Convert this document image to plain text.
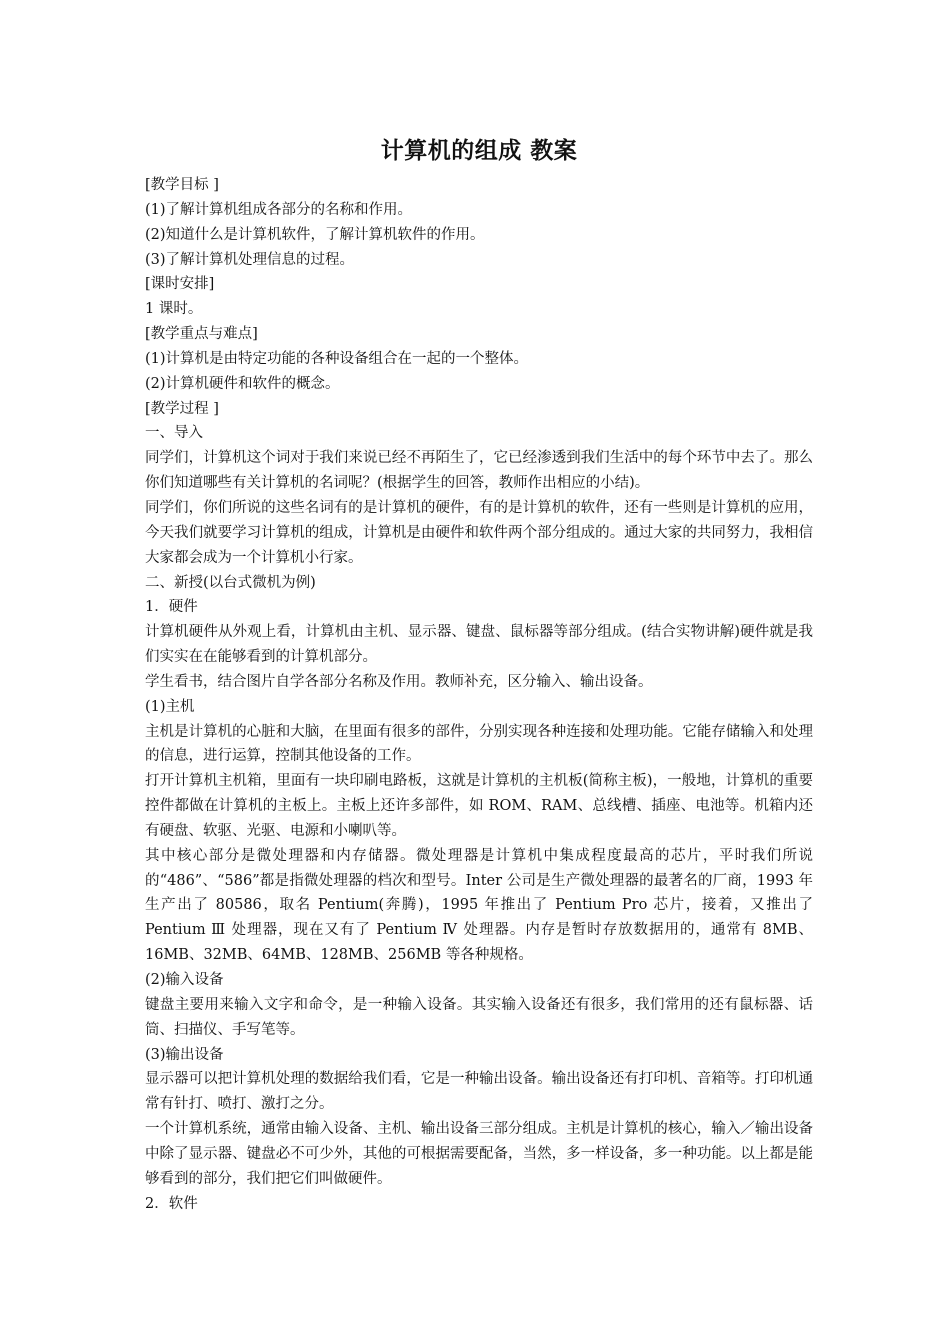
计算机的组成 教案
[教学目标 ]
(1)了解计算机组成各部分的名称和作用。
(2)知道什么是计算机软件，了解计算机软件的作用。
(3)了解计算机处理信息的过程。
[课时安排]
1 课时。
[教学重点与难点]
(1)计算机是由特定功能的各种设备组合在一起的一个整体。
(2)计算机硬件和软件的概念。
[教学过程 ]
一、导入

同学们，计算机这个词对于我们来说已经不再陌生了，它已经渗透到我们生活中的每个环节中去了。那么你们知道哪些有关计算机的名词呢？(根据学生的回答，教师作出相应的小结)。

同学们，你们所说的这些名词有的是计算机的硬件，有的是计算机的软件，还有一些则是计算机的应用，今天我们就要学习计算机的组成，计算机是由硬件和软件两个部分组成的。通过大家的共同努力，我相信大家都会成为一个计算机小行家。

二、新授(以台式微机为例)
1．硬件

计算机硬件从外观上看，计算机由主机、显示器、键盘、鼠标器等部分组成。(结合实物讲解)硬件就是我们实实在在能够看到的计算机部分。

学生看书，结合图片自学各部分名称及作用。教师补充，区分输入、输出设备。
(1)主机

主机是计算机的心脏和大脑，在里面有很多的部件，分别实现各种连接和处理功能。它能存储输入和处理的信息，进行运算，控制其他设备的工作。

打开计算机主机箱，里面有一块印刷电路板，这就是计算机的主机板(简称主板)，一般地，计算机的重要控件都做在计算机的主板上。主板上还许多部件，如 ROM、RAM、总线槽、插座、电池等。机箱内还有硬盘、软驱、光驱、电源和小喇叭等。

其中核心部分是微处理器和内存储器。微处理器是计算机中集成程度最高的芯片，平时我们所说的“486”、“586”都是指微处理器的档次和型号。Inter 公司是生产微处理器的最著名的厂商，1993 年生产出了 80586，取名 Pentium(奔腾)，1995 年推出了 Pentium Pro 芯片，接着，又推出了 Pentium Ⅲ 处理器，现在又有了 Pentium Ⅳ 处理器。内存是暂时存放数据用的，通常有 8MB、16MB、32MB、64MB、128MB、256MB 等各种规格。

(2)输入设备

键盘主要用来输入文字和命令，是一种输入设备。其实输入设备还有很多，我们常用的还有鼠标器、话筒、扫描仪、手写笔等。

(3)输出设备

显示器可以把计算机处理的数据给我们看，它是一种输出设备。输出设备还有打印机、音箱等。打印机通常有针打、喷打、激打之分。

一个计算机系统，通常由输入设备、主机、输出设备三部分组成。主机是计算机的核心，输入／输出设备中除了显示器、键盘必不可少外，其他的可根据需要配备，当然，多一样设备，多一种功能。以上都是能够看到的部分，我们把它们叫做硬件。

2．软件
